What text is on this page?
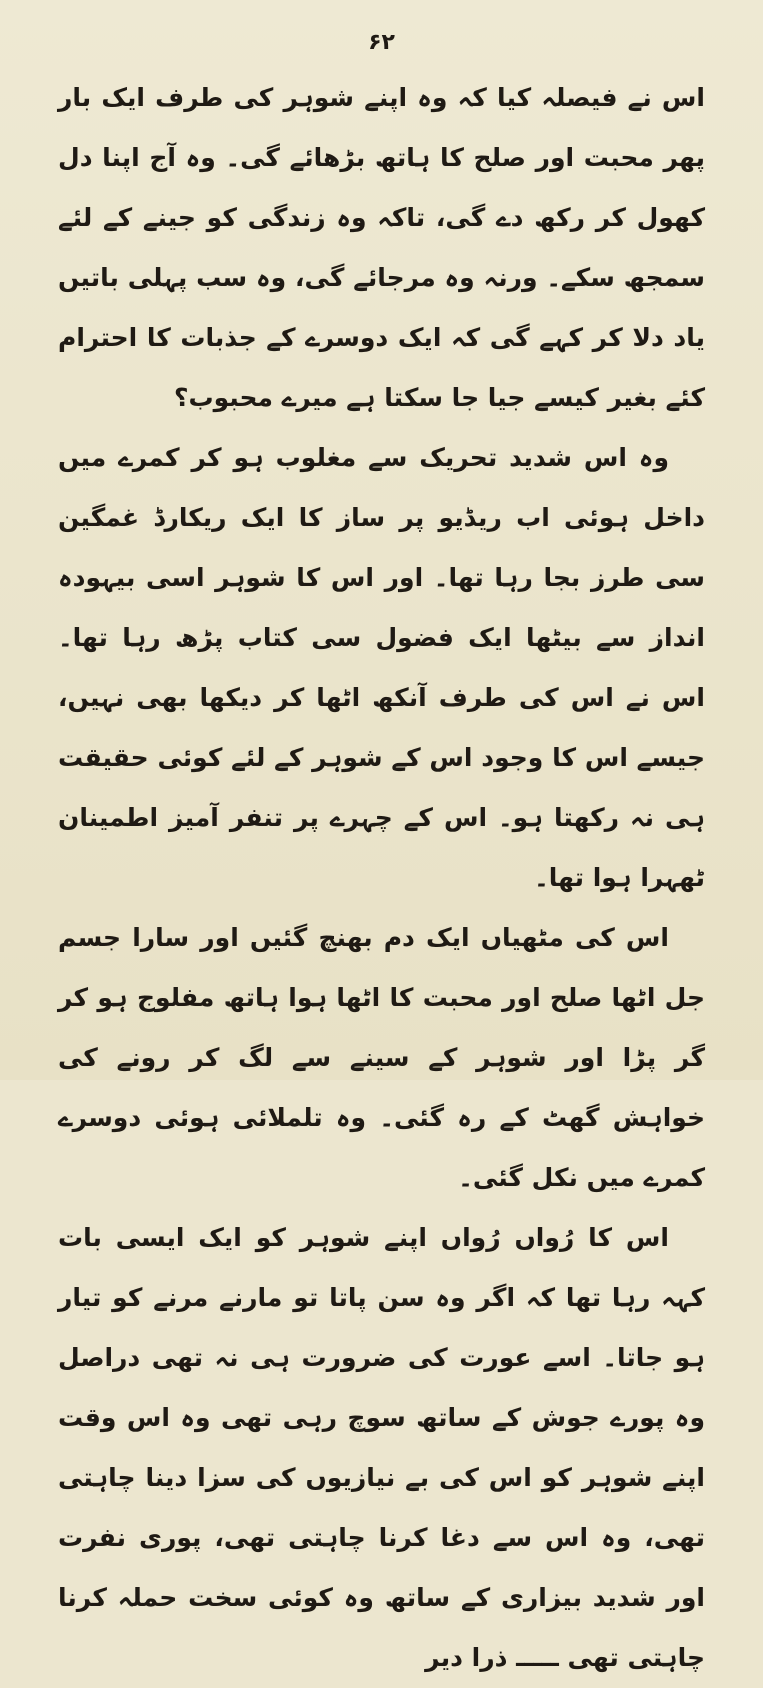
۶۲

اس نے فیصلہ کیا کہ وہ اپنے شوہر کی طرف ایک بار پھر محبت اور صلح کا ہاتھ بڑھائے گی۔ وہ آج اپنا دل کھول کر رکھ دے گی، تاکہ وہ زندگی کو جینے کے لئے سمجھ سکے۔ ورنہ وہ مرجائے گی، وہ سب پہلی باتیں یاد دلا کر کہے گی کہ ایک دوسرے کے جذبات کا احترام کئے بغیر کیسے جیا جا سکتا ہے میرے محبوب؟

وہ اس شدید تحریک سے مغلوب ہو کر کمرے میں داخل ہوئی اب ریڈیو پر ساز کا ایک ریکارڈ غمگین سی طرز بجا رہا تھا۔ اور اس کا شوہر اسی بیہودہ انداز سے بیٹھا ایک فضول سی کتاب پڑھ رہا تھا۔ اس نے اس کی طرف آنکھ اٹھا کر دیکھا بھی نہیں، جیسے اس کا وجود اس کے شوہر کے لئے کوئی حقیقت ہی نہ رکھتا ہو۔ اس کے چہرے پر تنفر آمیز اطمینان ٹھہرا ہوا تھا۔

اس کی مٹھیاں ایک دم بھنچ گئیں اور سارا جسم جل اٹھا صلح اور محبت کا اٹھا ہوا ہاتھ مفلوج ہو کر گر پڑا اور شوہر کے سینے سے لگ کر رونے کی خواہش گھٹ کے رہ گئی۔ وہ تلملائی ہوئی دوسرے کمرے میں نکل گئی۔

اس کا رُواں رُواں اپنے شوہر کو ایک ایسی بات کہہ رہا تھا کہ اگر وہ سن پاتا تو مارنے مرنے کو تیار ہو جاتا۔ اسے عورت کی ضرورت ہی نہ تھی دراصل وہ پورے جوش کے ساتھ سوچ رہی تھی وہ اس وقت اپنے شوہر کو اس کی بے نیازیوں کی سزا دینا چاہتی تھی، وہ اس سے دغا کرنا چاہتی تھی، پوری نفرت اور شدید بیزاری کے ساتھ وہ کوئی سخت حملہ کرنا چاہتی تھی ـــــ ذرا دیر
